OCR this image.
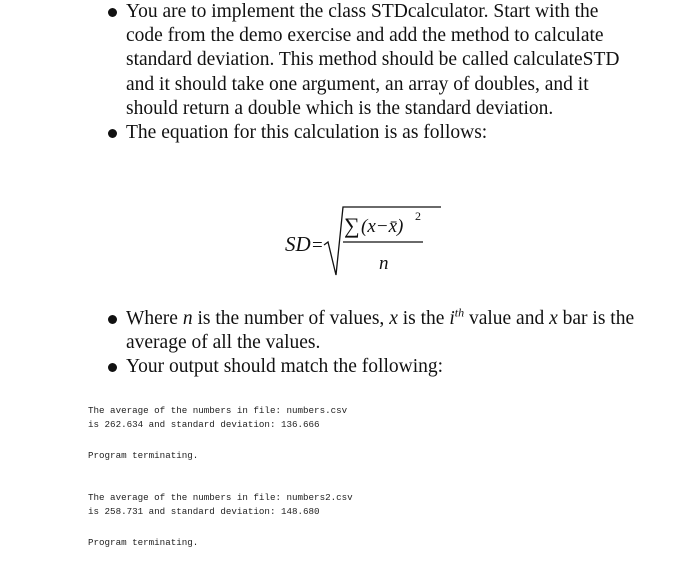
You are to implement the class STDcalculator. Start with the code from the demo exercise and add the method to calculate standard deviation. This method should be called calculateSTD and it should take one argument, an array of doubles, and it should return a double which is the standard deviation.
The equation for this calculation is as follows:
SD =
∑ (x−x̄) 2
n
Where n is the number of values, x is the $i^{th}$ value and x bar is the average of all the values.
Your output should match the following:
The average of the numbers in file: numbers.csv
is 262.634 and standard deviation: 136.666
Program terminating.
The average of the numbers in file: numbers2.csv
is 258.731 and standard deviation: 148.680
Program terminating.
